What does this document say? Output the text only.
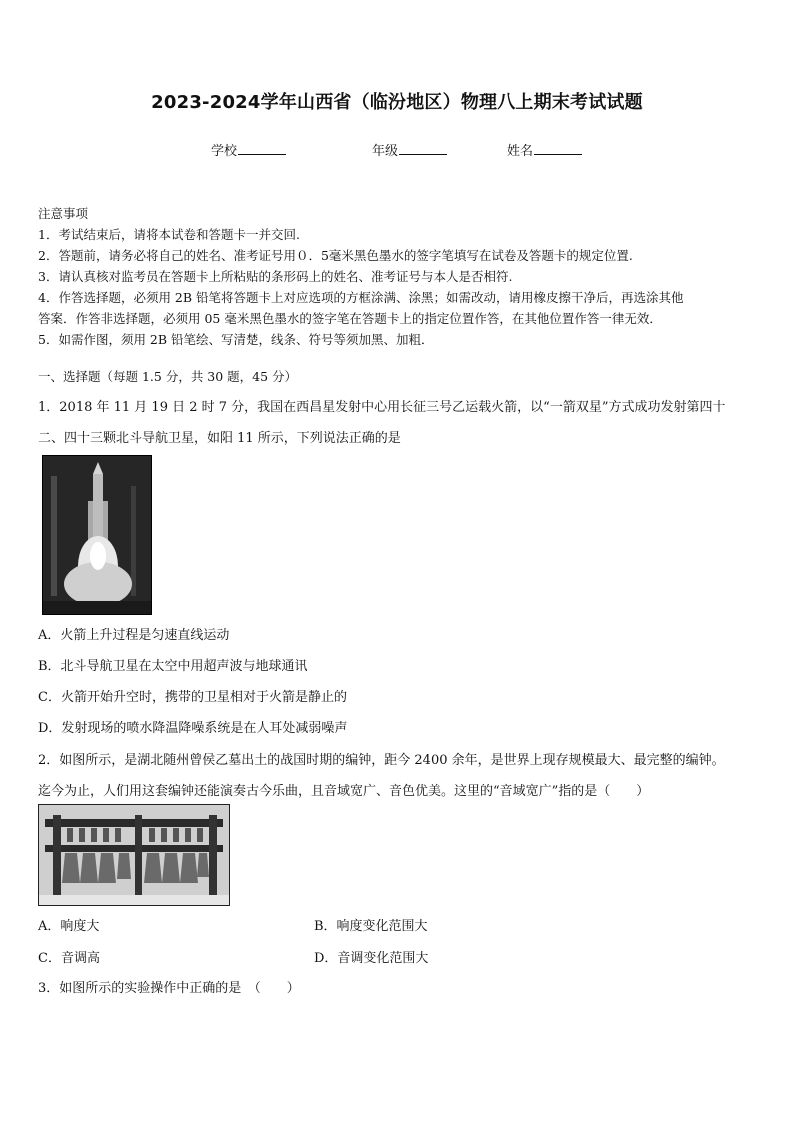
2023-2024学年山西省（临汾地区）物理八上期末考试试题
学校	年级	姓名

注意事项

1．考试结束后，请将本试卷和答题卡一并交回.

2．答题前，请务必将自己的姓名、准考证号用０．5毫米黑色墨水的签字笔填写在试卷及答题卡的规定位置.

3．请认真核对监考员在答题卡上所粘贴的条形码上的姓名、准考证号与本人是否相符.

4．作答选择题，必须用 2B 铅笔将答题卡上对应选项的方框涂满、涂黑；如需改动，请用橡皮擦干净后，再选涂其他

答案．作答非选择题，必须用 05 毫米黑色墨水的签字笔在答题卡上的指定位置作答，在其他位置作答一律无效．

5．如需作图，须用 2B 铅笔绘、写清楚，线条、符号等须加黑、加粗．

一、选择题（每题 1.5 分，共 30 题，45 分）
1．2018 年 11 月 19 日 2 时 7 分，我国在西昌星发射中心用长征三号乙运载火箭，以“一箭双星”方式成功发射第四十
二、四十三颗北斗导航卫星，如阳 11 所示，下列说法正确的是
A．火箭上升过程是匀速直线运动
B．北斗导航卫星在太空中用超声波与地球通讯
C．火箭开始升空时，携带的卫星相对于火箭是静止的
D．发射现场的喷水降温降噪系统是在人耳处减弱噪声
2．如图所示，是湖北随州曾侯乙墓出土的战国时期的编钟，距今 2400 余年，是世界上现存规模最大、最完整的编钟。
迄今为止，人们用这套编钟还能演奏古今乐曲，且音域宽广、音色优美。这里的“音域宽广”指的是（　　）
A．响度大	B．响度变化范围大
C．音调高	D．音调变化范围大
3．如图所示的实验操作中正确的是　（　　）
